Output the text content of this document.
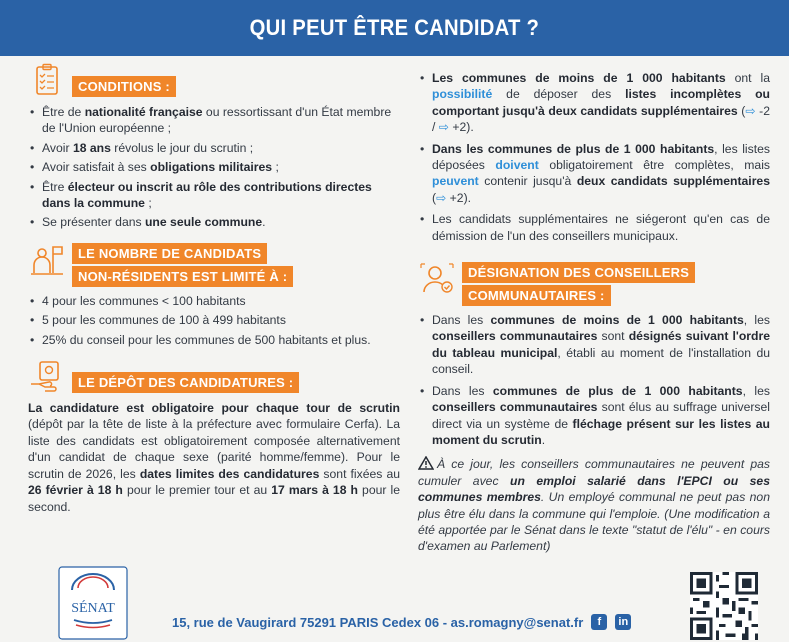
QUI PEUT ÊTRE CANDIDAT ?
CONDITIONS :
• Être de nationalité française ou ressortissant d'un État membre de l'Union européenne ;
• Avoir 18 ans révolus le jour du scrutin ;
• Avoir satisfait à ses obligations militaires ;
• Être électeur ou inscrit au rôle des contributions directes dans la commune ;
• Se présenter dans une seule commune.
LE NOMBRE DE CANDIDATS
NON-RÉSIDENTS EST LIMITÉ À :
• 4 pour les communes < 100 habitants
• 5 pour les communes de 100 à 499 habitants
• 25% du conseil pour les communes de 500 habitants et plus.
LE DÉPÔT DES CANDIDATURES :

La candidature est obligatoire pour chaque tour de scrutin (dépôt par la tête de liste à la préfecture avec formulaire Cerfa). La liste des candidats est obligatoirement composée alternativement d'un candidat de chaque sexe (parité homme/femme). Pour le scrutin de 2026, les dates limites des candidatures sont fixées au 26 février à 18 h pour le premier tour et au 17 mars à 18 h pour le second.

• Les communes de moins de 1 000 habitants ont la possibilité de déposer des listes incomplètes ou comportant jusqu'à deux candidats supplémentaires (⇨ -2 / ⇨ +2).
• Dans les communes de plus de 1 000 habitants, les listes déposées doivent obligatoirement être complètes, mais peuvent contenir jusqu'à deux candidats supplémentaires (⇨ +2).
• Les candidats supplémentaires ne siégeront qu'en cas de démission de l'un des conseillers municipaux.
DÉSIGNATION DES CONSEILLERS
COMMUNAUTAIRES :
• Dans les communes de moins de 1 000 habitants, les conseillers communautaires sont désignés suivant l'ordre du tableau municipal, établi au moment de l'installation du conseil.
• Dans les communes de plus de 1 000 habitants, les conseillers communautaires sont élus au suffrage universel direct via un système de fléchage présent sur les listes au moment du scrutin.

À ce jour, les conseillers communautaires ne peuvent pas cumuler avec un emploi salarié dans l'EPCI ou ses communes membres. Un employé communal ne peut pas non plus être élu dans la commune qui l'emploie. (Une modification a été apportée par le Sénat dans le texte "statut de l'élu" - en cours d'examen au Parlement)

SÉNAT
15, rue de Vaugirard 75291 PARIS Cedex 06 - as.romagny@senat.fr	f	in
